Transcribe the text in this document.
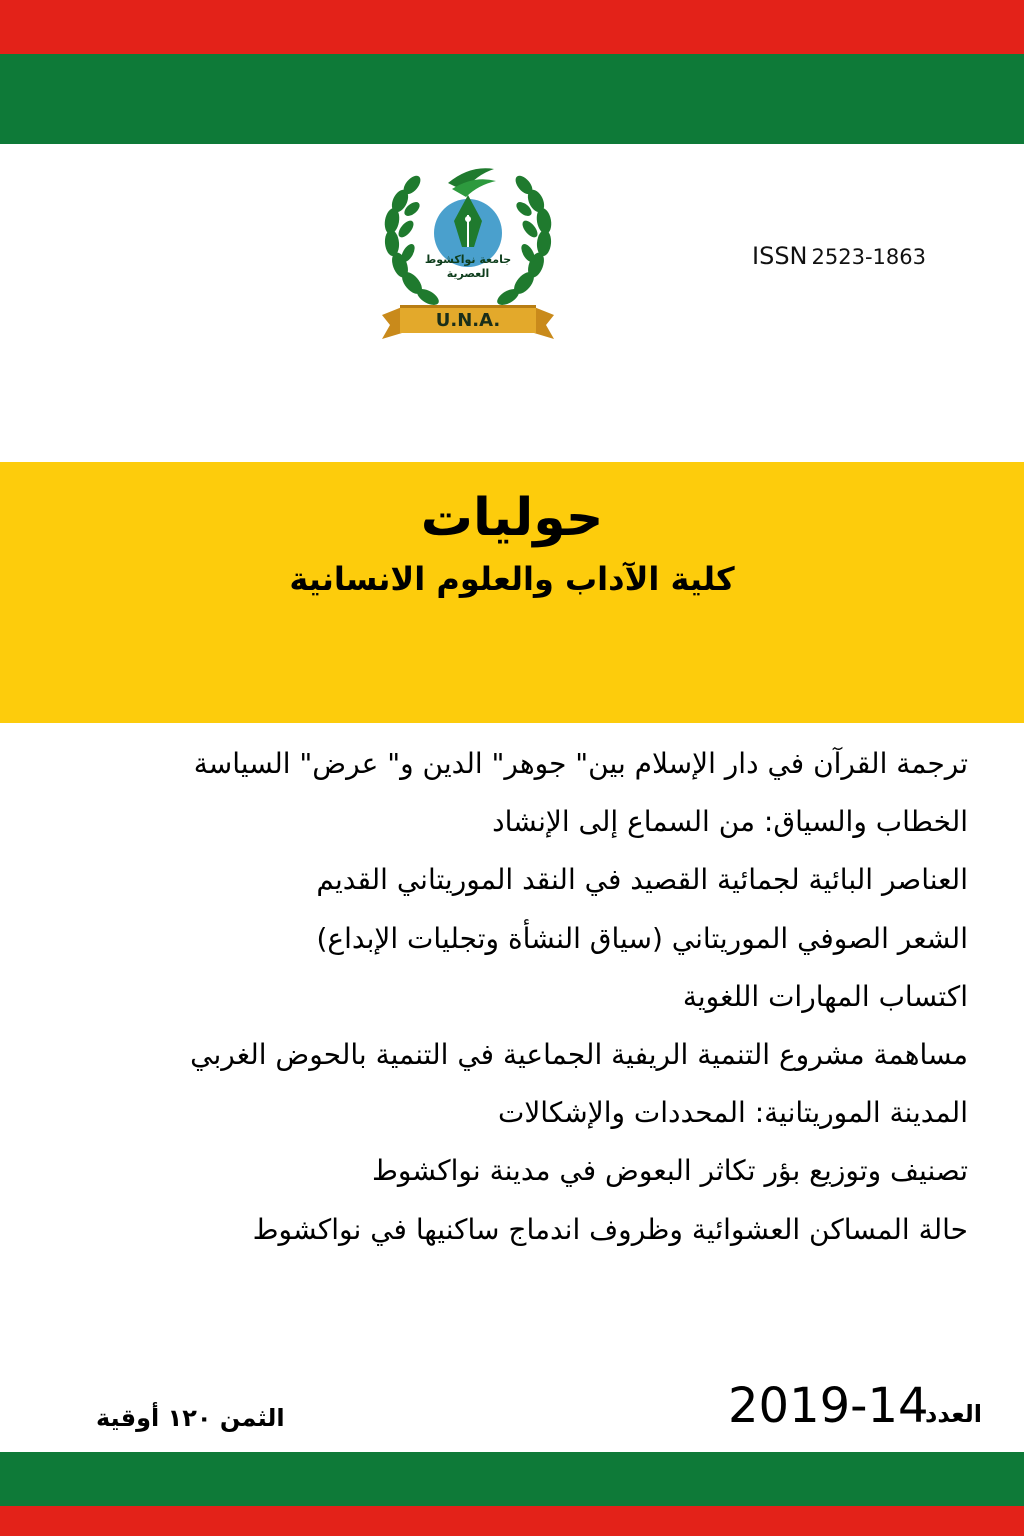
جامعة نواكشوط
العصرية
U.N.A.
ISSN 2523-1863
حوليات
كلية الآداب والعلوم الانسانية
ترجمة القرآن في دار الإسلام بين" جوهر" الدين و" عرض" السياسة
الخطاب والسياق: من السماع إلى الإنشاد
العناصر البائية لجمائية القصيد في النقد الموريتاني القديم
الشعر الصوفي الموريتاني (سياق النشأة وتجليات الإبداع)
اكتساب المهارات اللغوية
مساهمة مشروع التنمية الريفية الجماعية في التنمية بالحوض الغربي
المدينة الموريتانية: المحددات والإشكالات
تصنيف وتوزيع بؤر تكاثر البعوض في مدينة نواكشوط
حالة المساكن العشوائية وظروف اندماج ساكنيها في نواكشوط
العدد
2019-14
الثمن ١٢٠ أوقية
